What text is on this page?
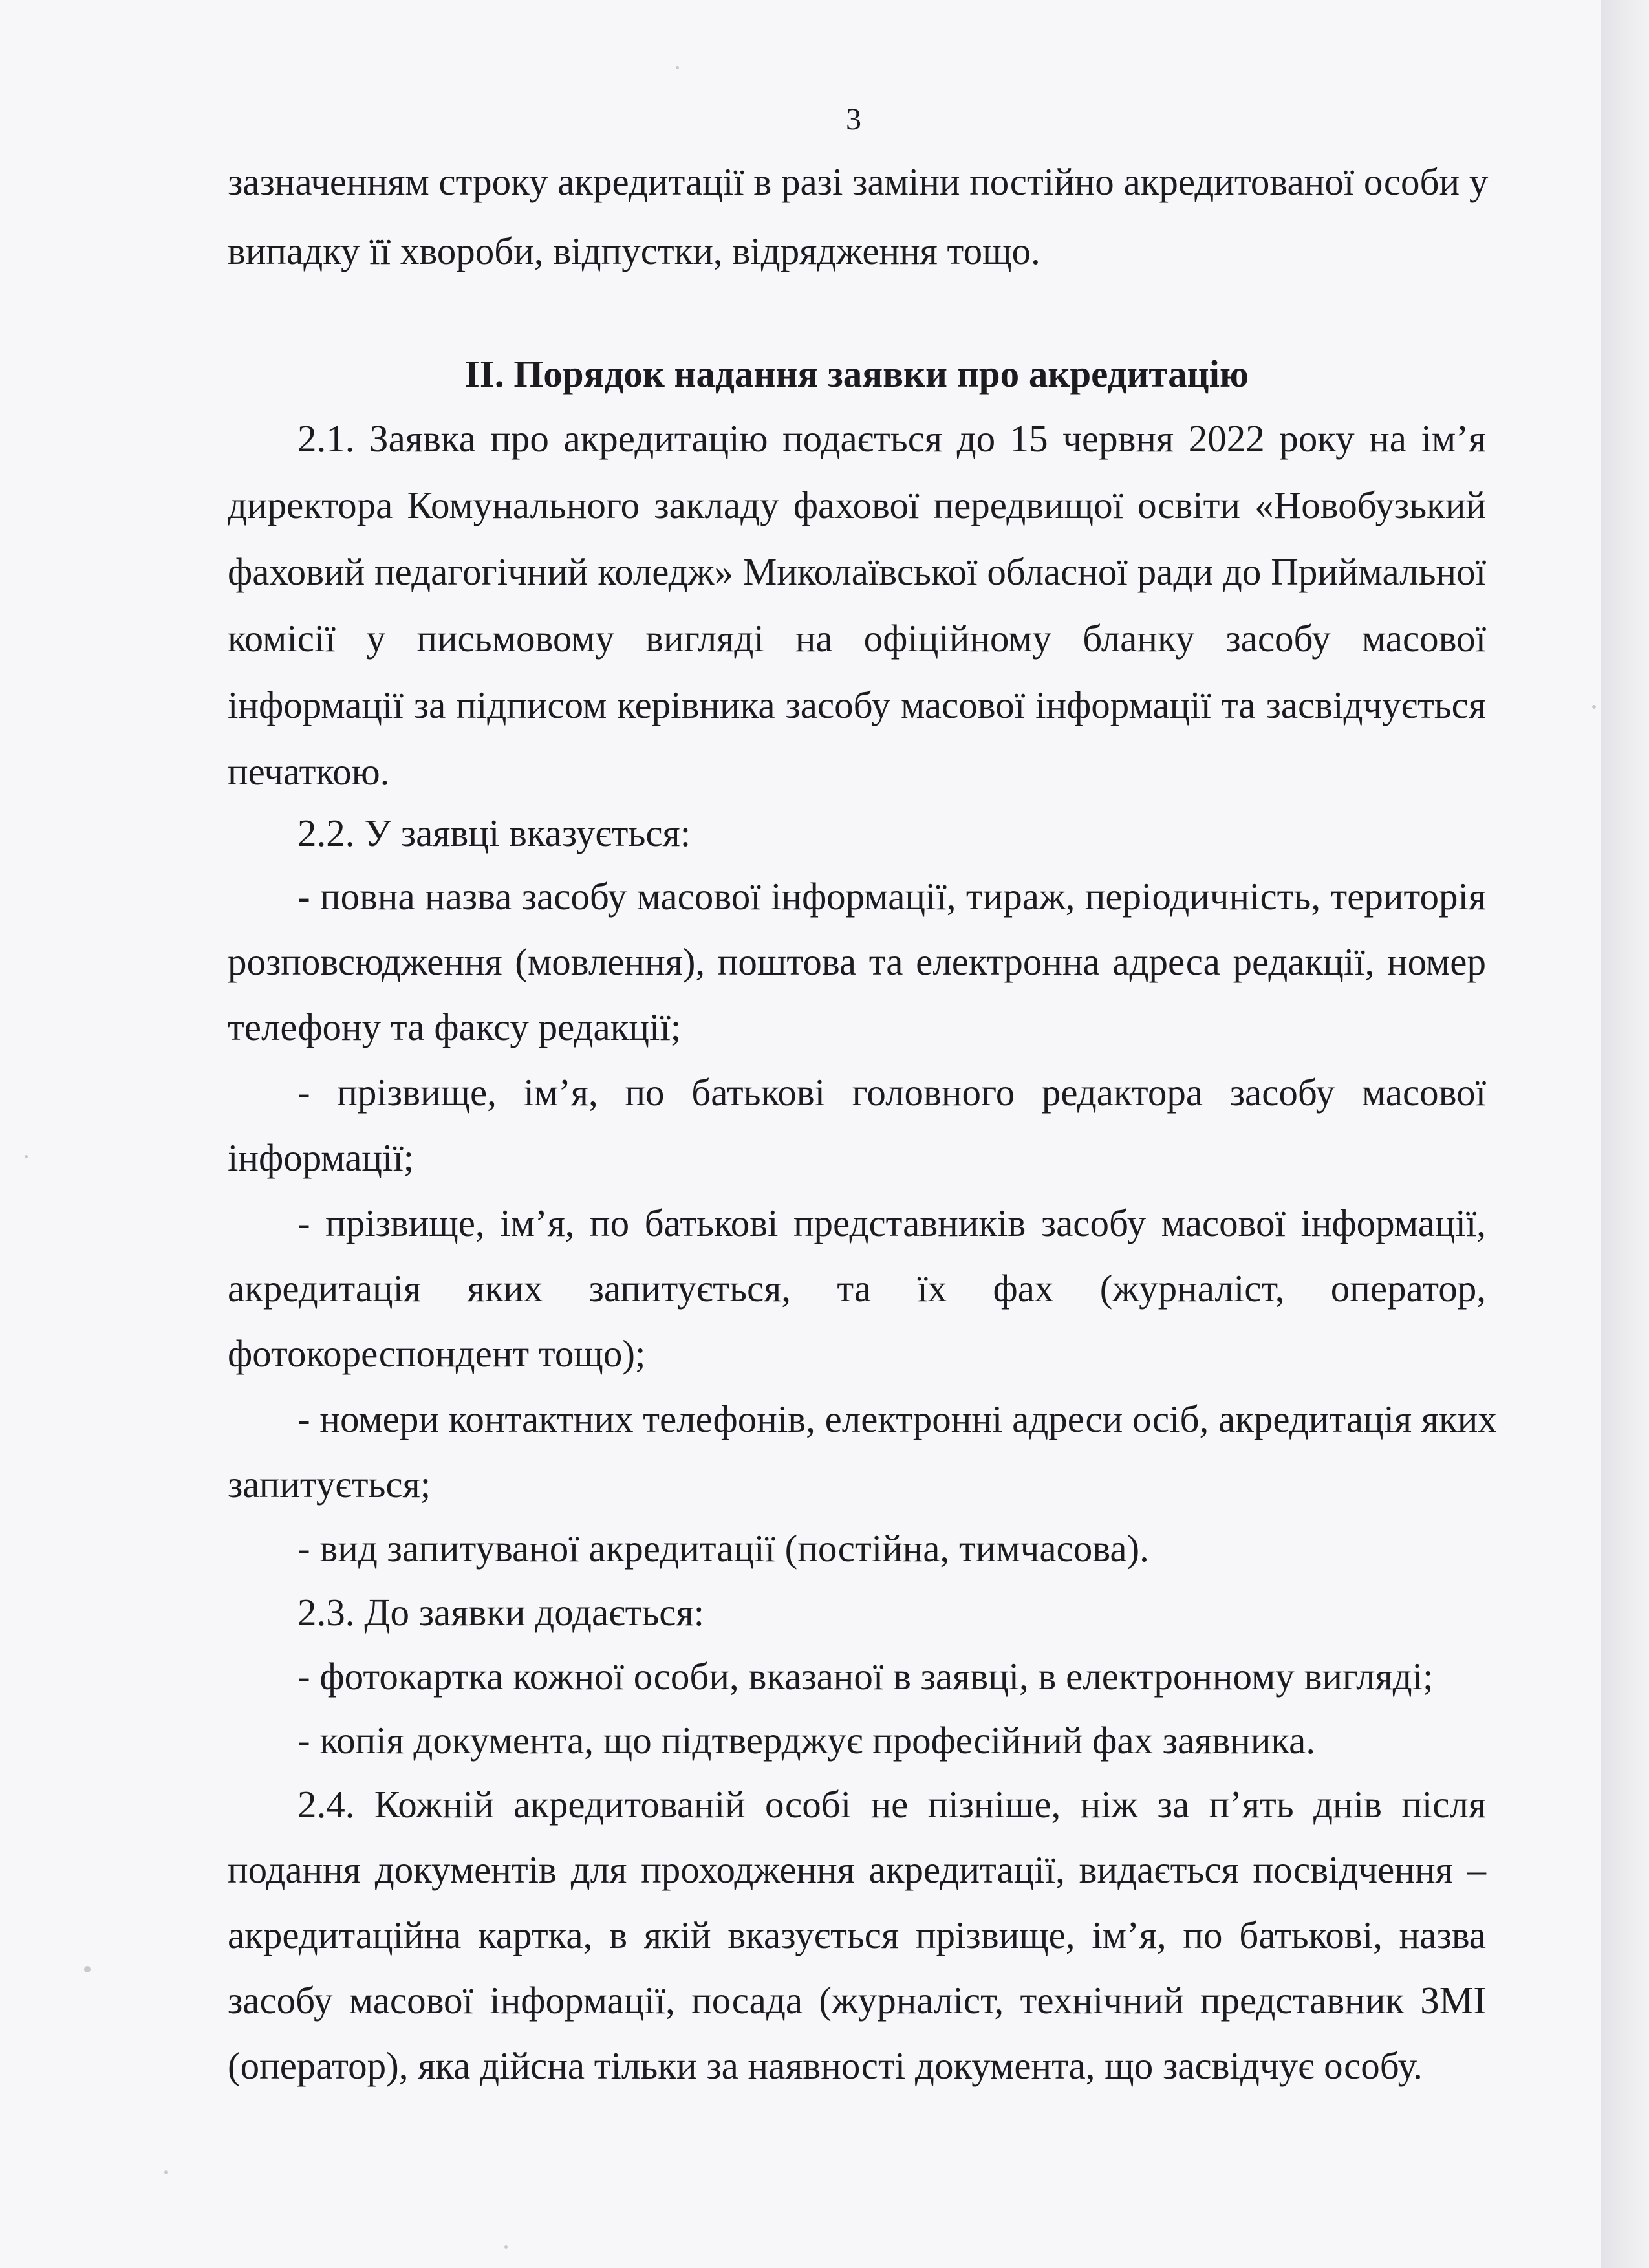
3
зазначенням строку акредитації в разі заміни постійно акредитованої особи у
випадку її хвороби, відпустки, відрядження тощо.
ІІ. Порядок надання заявки про акредитацію
2.1. Заявка про акредитацію подається до 15 червня 2022 року на ім’я
директора Комунального закладу фахової передвищої освіти «Новобузький
фаховий педагогічний коледж» Миколаївської обласної ради до Приймальної
комісії у письмовому вигляді на офіційному бланку засобу масової
інформації за підписом керівника засобу масової інформації та засвідчується
печаткою.
2.2. У заявці вказується:
- повна назва засобу масової інформації, тираж, періодичність, територія
розповсюдження (мовлення), поштова та електронна адреса редакції, номер
телефону та факсу редакції;
- прізвище, ім’я, по батькові головного редактора засобу масової
інформації;
- прізвище, ім’я, по батькові представників засобу масової інформації,
акредитація яких запитується, та їх фах (журналіст, оператор,
фотокореспондент тощо);
- номери контактних телефонів, електронні адреси осіб, акредитація яких
запитується;
- вид запитуваної акредитації (постійна, тимчасова).
2.3. До заявки додається:
- фотокартка кожної особи, вказаної в заявці, в електронному вигляді;
- копія документа, що підтверджує професійний фах заявника.
2.4. Кожній акредитованій особі не пізніше, ніж за п’ять днів після
подання документів для проходження акредитації, видається посвідчення –
акредитаційна картка, в якій вказується прізвище, ім’я, по батькові, назва
засобу масової інформації, посада (журналіст, технічний представник ЗМІ
(оператор), яка дійсна тільки за наявності документа, що засвідчує особу.
